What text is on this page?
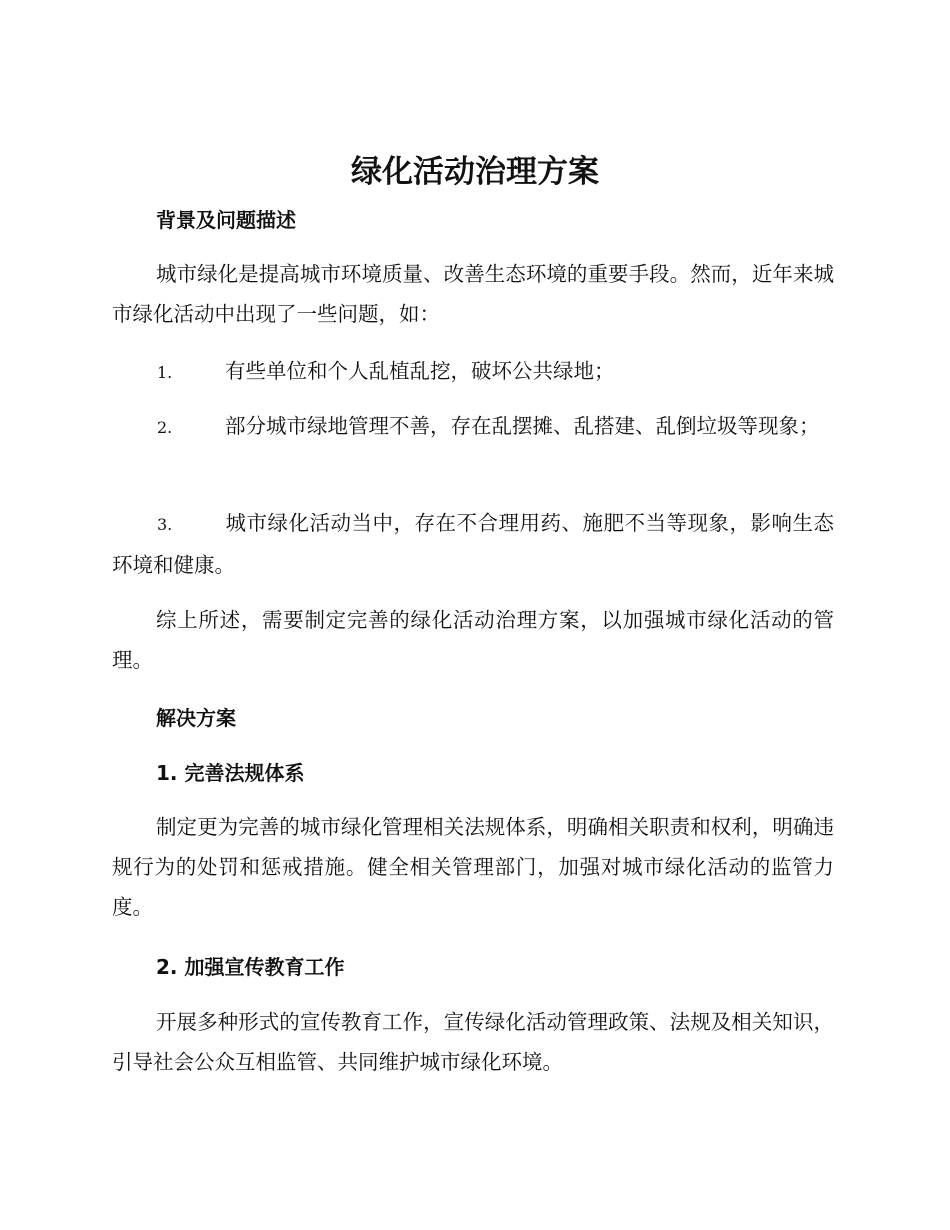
绿化活动治理方案
背景及问题描述

城市绿化是提高城市环境质量、改善生态环境的重要手段。然而，近年来城市绿化活动中出现了一些问题，如：

1.	有些单位和个人乱植乱挖，破坏公共绿地；

2.	部分城市绿地管理不善，存在乱摆摊、乱搭建、乱倒垃圾等现象；

3.	城市绿化活动当中，存在不合理用药、施肥不当等现象，影响生态环境和健康。

综上所述，需要制定完善的绿化活动治理方案，以加强城市绿化活动的管理。

解决方案
1. 完善法规体系

制定更为完善的城市绿化管理相关法规体系，明确相关职责和权利，明确违规行为的处罚和惩戒措施。健全相关管理部门，加强对城市绿化活动的监管力度。

2. 加强宣传教育工作

开展多种形式的宣传教育工作，宣传绿化活动管理政策、法规及相关知识，引导社会公众互相监管、共同维护城市绿化环境。
